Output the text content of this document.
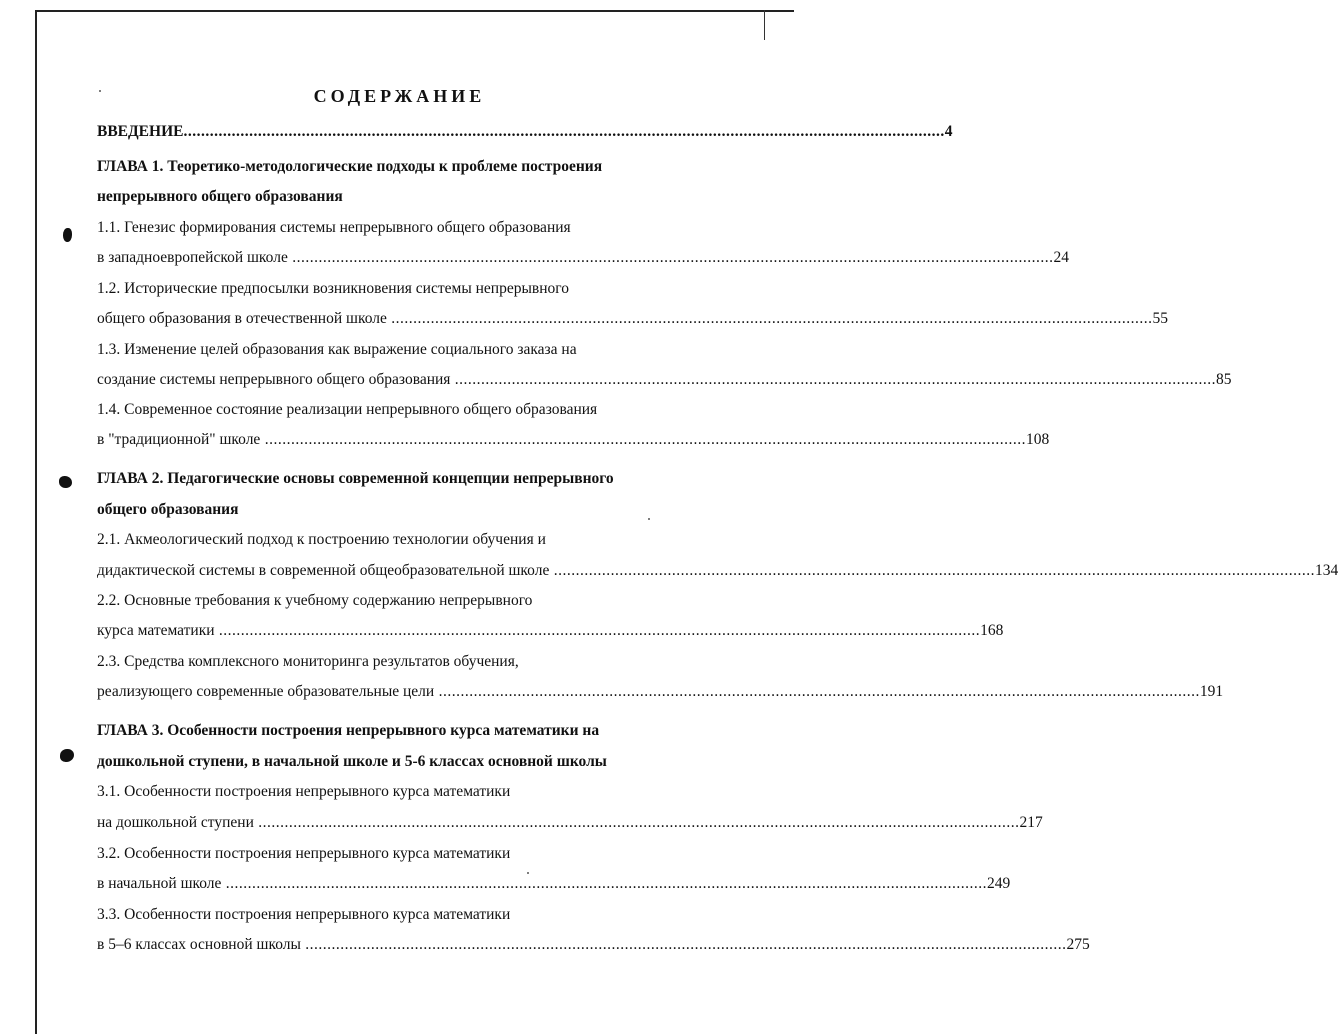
СОДЕРЖАНИЕ
ВВЕДЕНИЕ .............................................................................................................................................................................. 4
ГЛАВА 1. Теоретико-методологические подходы к проблеме построения
непрерывного общего образования
1.1. Генезис формирования системы непрерывного общего образования
в западноевропейской школе .............................................................................................................................................................................. 24
1.2. Исторические предпосылки возникновения системы непрерывного
общего образования в отечественной школе .............................................................................................................................................................................. 55
1.3. Изменение целей образования как выражение социального заказа на
создание системы непрерывного общего образования .............................................................................................................................................................................. 85
1.4. Современное состояние реализации непрерывного общего образования
в "традиционной" школе .............................................................................................................................................................................. 108
ГЛАВА 2. Педагогические основы современной концепции непрерывного
общего образования
2.1. Акмеологический подход к построению технологии обучения и
дидактической системы в современной общеобразовательной школе .............................................................................................................................................................................. 134
2.2. Основные требования к учебному содержанию непрерывного
курса математики .............................................................................................................................................................................. 168
2.3. Средства комплексного мониторинга результатов обучения,
реализующего современные образовательные цели .............................................................................................................................................................................. 191
ГЛАВА 3. Особенности построения непрерывного курса математики на
дошкольной ступени, в начальной школе и 5-6 классах основной школы
3.1. Особенности построения непрерывного курса математики
на дошкольной ступени .............................................................................................................................................................................. 217
3.2. Особенности построения непрерывного курса математики
в начальной школе .............................................................................................................................................................................. 249
3.3. Особенности построения непрерывного курса математики
в 5–6 классах основной школы .............................................................................................................................................................................. 275
